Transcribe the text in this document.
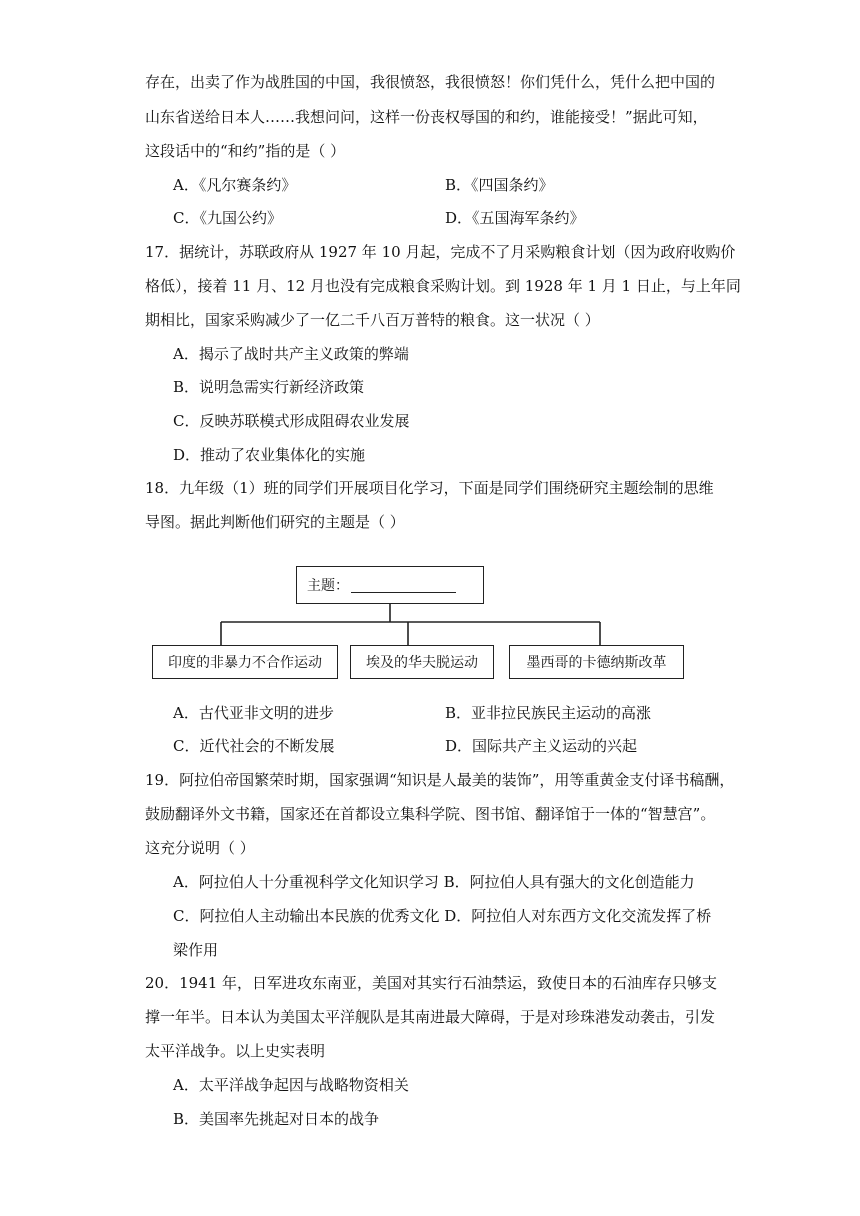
存在，出卖了作为战胜国的中国，我很愤怒，我很愤怒！你们凭什么，凭什么把中国的
山东省送给日本人……我想问问，这样一份丧权辱国的和约，谁能接受！”据此可知，
这段话中的“和约”指的是（ ）
A．《凡尔赛条约》	B．《四国条约》
C．《九国公约》	D．《五国海军条约》
17．据统计，苏联政府从 1927 年 10 月起，完成不了月采购粮食计划（因为政府收购价
格低），接着 11 月、12 月也没有完成粮食采购计划。到 1928 年 1 月 1 日止，与上年同
期相比，国家采购减少了一亿二千八百万普特的粮食。这一状况（ ）
A．揭示了战时共产主义政策的弊端
B．说明急需实行新经济政策
C．反映苏联模式形成阻碍农业发展
D．推动了农业集体化的实施
18．九年级（1）班的同学们开展项目化学习，下面是同学们围绕研究主题绘制的思维
导图。据此判断他们研究的主题是（ ）
主题：
印度的非暴力不合作运动	埃及的华夫脱运动	墨西哥的卡德纳斯改革
A．古代亚非文明的进步	B．亚非拉民族民主运动的高涨
C．近代社会的不断发展	D．国际共产主义运动的兴起
19．阿拉伯帝国繁荣时期，国家强调“知识是人最美的装饰”，用等重黄金支付译书稿酬，
鼓励翻译外文书籍，国家还在首都设立集科学院、图书馆、翻译馆于一体的“智慧宫”。
这充分说明（ ）
A．阿拉伯人十分重视科学文化知识学习 B．阿拉伯人具有强大的文化创造能力
C．阿拉伯人主动输出本民族的优秀文化 D．阿拉伯人对东西方文化交流发挥了桥
梁作用
20．1941 年，日军进攻东南亚，美国对其实行石油禁运，致使日本的石油库存只够支
撑一年半。日本认为美国太平洋舰队是其南进最大障碍，于是对珍珠港发动袭击，引发
太平洋战争。以上史实表明
A．太平洋战争起因与战略物资相关
B．美国率先挑起对日本的战争
